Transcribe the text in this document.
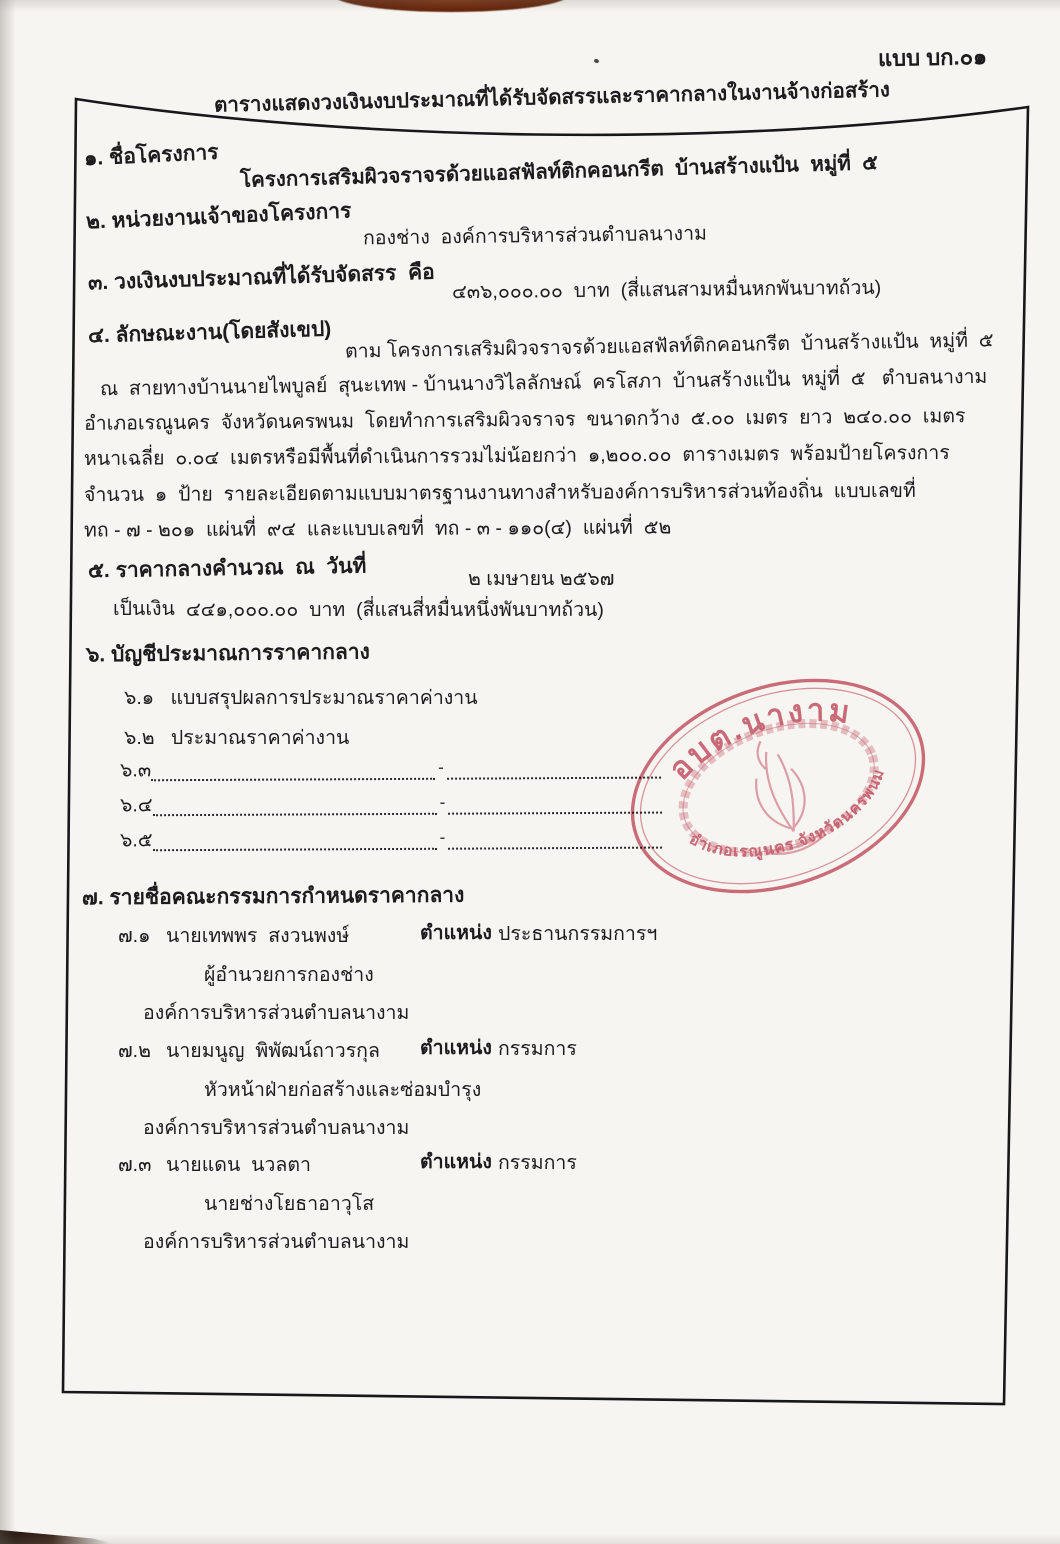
แบบ บก.๐๑
ตารางแสดงวงเงินงบประมาณที่ได้รับจัดสรรและราคากลางในงานจ้างก่อสร้าง
๑. ชื่อโครงการ โครงการเสริมผิวจราจรด้วยแอสฟัลท์ติกคอนกรีต  บ้านสร้างแป้น  หมู่ที่  ๕
๒. หน่วยงานเจ้าของโครงการ
กองช่าง  องค์การบริหารส่วนตำบลนางาม
๓. วงเงินงบประมาณที่ได้รับจัดสรร  คือ ๔๓๖,๐๐๐.๐๐  บาท  (สี่แสนสามหมื่นหกพันบาทถ้วน)
๔. ลักษณะงาน(โดยสังเขป) ตาม โครงการเสริมผิวจราจรด้วยแอสฟัลท์ติกคอนกรีต  บ้านสร้างแป้น  หมู่ที่  ๕
ณ  สายทางบ้านนายไพบูลย์  สุนะเทพ - บ้านนางวิไลลักษณ์  ครโสภา  บ้านสร้างแป้น  หมู่ที่  ๕   ตำบลนางาม
อำเภอเรณูนคร  จังหวัดนครพนม  โดยทำการเสริมผิวจราจร  ขนาดกว้าง  ๕.๐๐  เมตร  ยาว  ๒๔๐.๐๐  เมตร
หนาเฉลี่ย  ๐.๐๔  เมตรหรือมีพื้นที่ดำเนินการรวมไม่น้อยกว่า  ๑,๒๐๐.๐๐  ตารางเมตร  พร้อมป้ายโครงการ
จำนวน  ๑  ป้าย  รายละเอียดตามแบบมาตรฐานงานทางสำหรับองค์การบริหารส่วนท้องถิ่น  แบบเลขที่
ทถ - ๗ - ๒๐๑  แผ่นที่  ๙๔  และแบบเลขที่  ทถ - ๓ - ๑๑๐(๔)  แผ่นที่  ๕๒
๕. ราคากลางคำนวณ  ณ  วันที่	๒ เมษายน ๒๕๖๗
เป็นเงิน ๔๔๑,๐๐๐.๐๐  บาท  (สี่แสนสี่หมื่นหนึ่งพันบาทถ้วน)
๖. บัญชีประมาณการราคากลาง
๖.๑ แบบสรุปผลการประมาณราคาค่างาน
๖.๒ ประมาณราคาค่างาน
๖.๓	-
๖.๔	-
๖.๕	-
๗. รายชื่อคณะกรรมการกำหนดราคากลาง
๗.๑ นายเทพพร  สงวนพงษ์	ตำแหน่ง ประธานกรรมการฯ
ผู้อำนวยการกองช่าง
องค์การบริหารส่วนตำบลนางาม
๗.๒ นายมนูญ  พิพัฒน์ถาวรกุล ตำแหน่ง กรรมการ
หัวหน้าฝ่ายก่อสร้างและซ่อมบำรุง
องค์การบริหารส่วนตำบลนางาม
๗.๓ นายแดน  นวลตา	ตำแหน่ง กรรมการ
นายช่างโยธาอาวุโส
องค์การบริหารส่วนตำบลนางาม
อบต.นางาม
อำเภอเรณูนคร จังหวัดนครพนม
